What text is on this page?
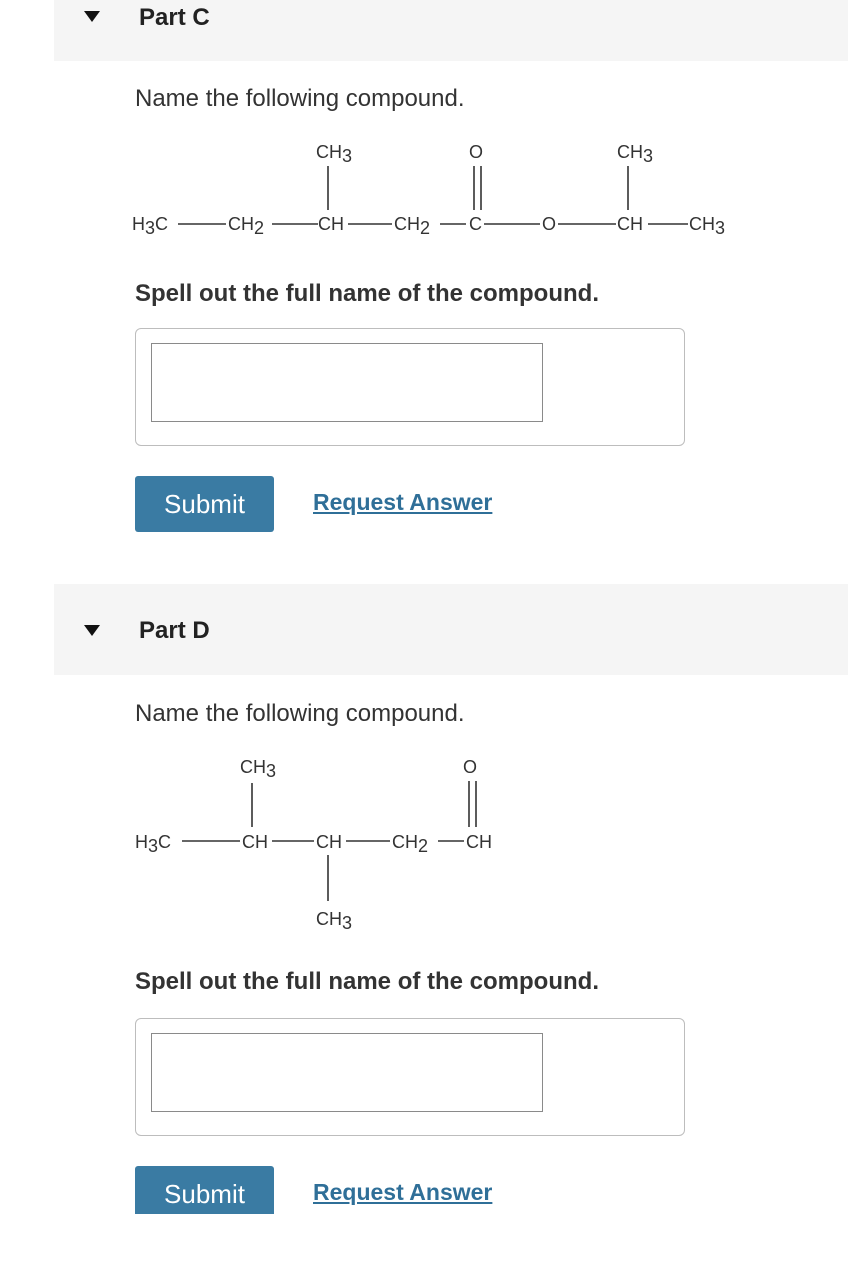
Part C
Name the following compound.
CH3	O	CH3
H3C	CH2	CH	CH2 C	O	CH	CH3
Spell out the full name of the compound.
Submit	Request Answer
Part D
Name the following compound.
CH3	O
H3C	CH	CH	CH2 CH
CH3
Spell out the full name of the compound.
Submit	Request Answer
